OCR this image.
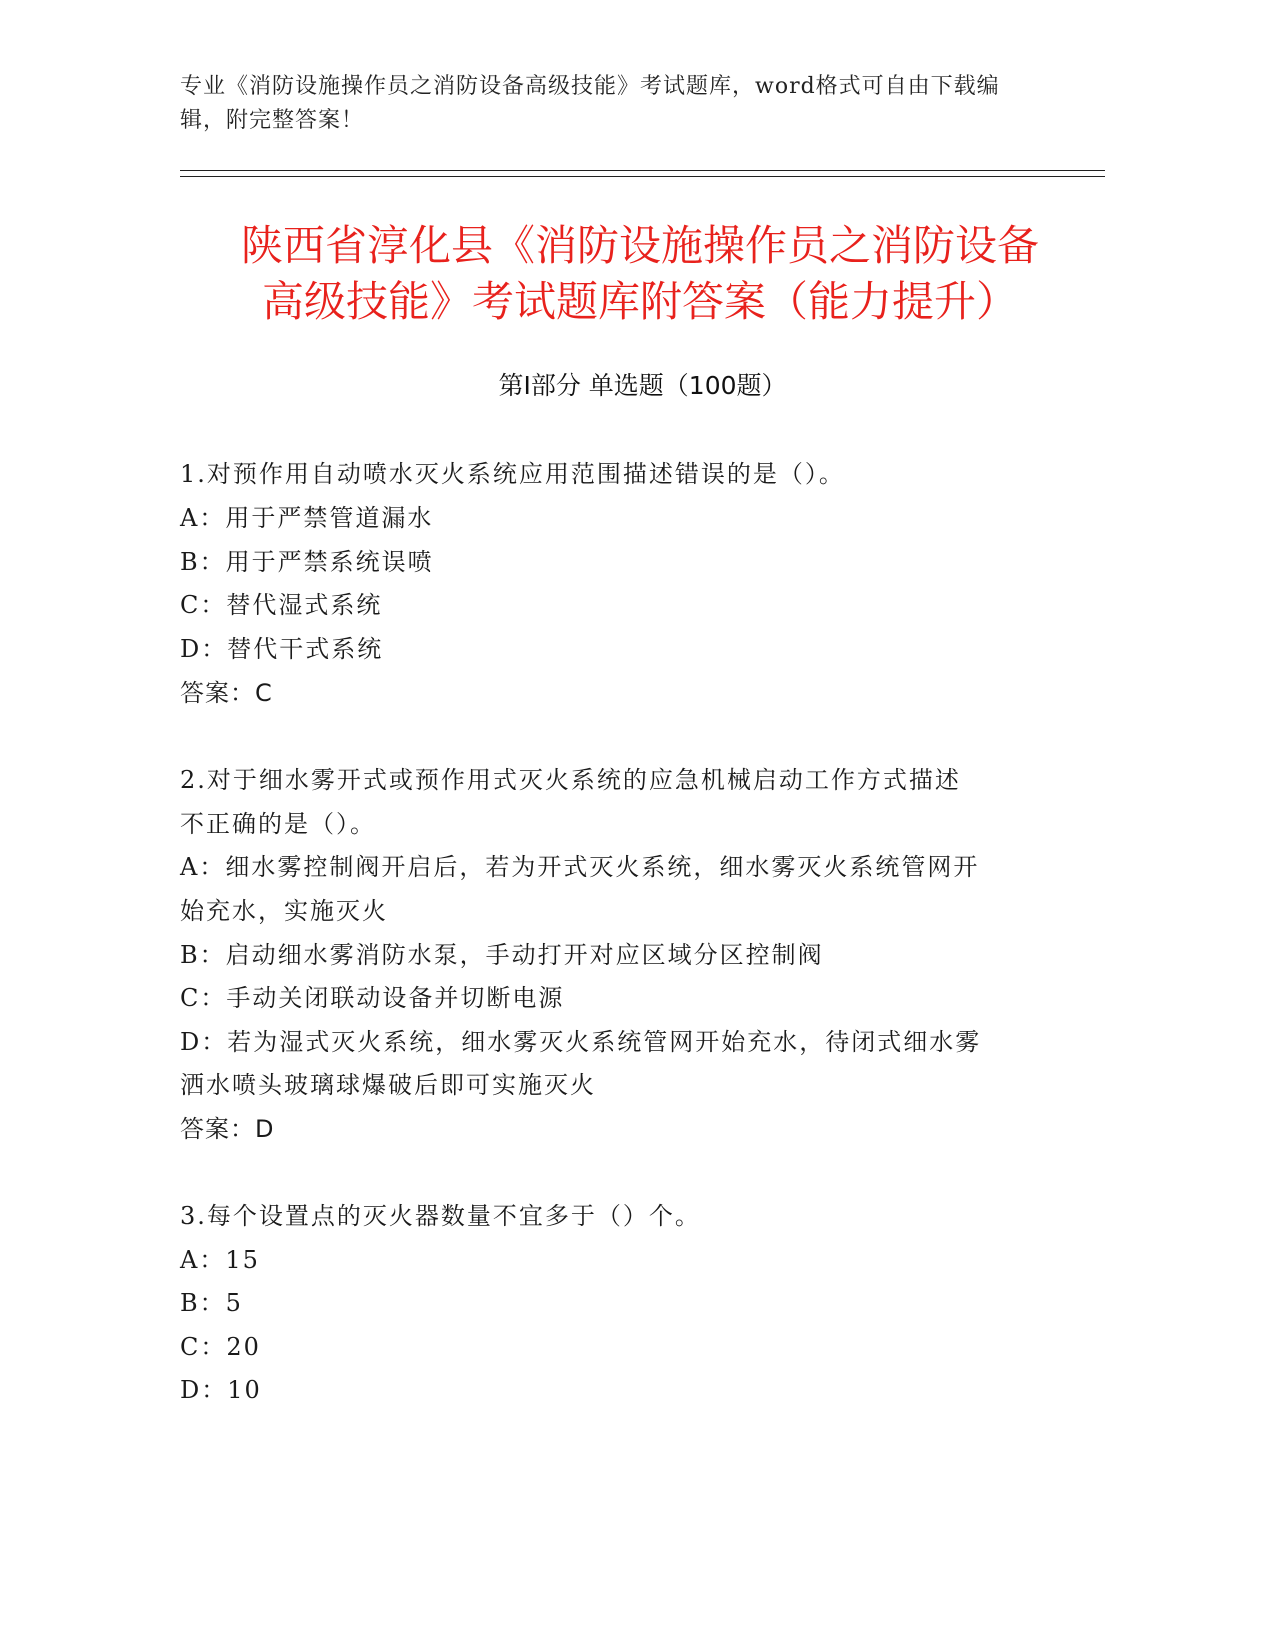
专业《消防设施操作员之消防设备高级技能》考试题库，word格式可自由下载编
辑，附完整答案！
陕西省淳化县《消防设施操作员之消防设备
高级技能》考试题库附答案（能力提升）
第Ⅰ部分 单选题（100题）
1.对预作用自动喷水灭火系统应用范围描述错误的是（）。
A：用于严禁管道漏水
B：用于严禁系统误喷
C：替代湿式系统
D：替代干式系统
答案：C
2.对于细水雾开式或预作用式灭火系统的应急机械启动工作方式描述
不正确的是（）。
A：细水雾控制阀开启后，若为开式灭火系统，细水雾灭火系统管网开
始充水，实施灭火
B：启动细水雾消防水泵，手动打开对应区域分区控制阀
C：手动关闭联动设备并切断电源
D：若为湿式灭火系统，细水雾灭火系统管网开始充水，待闭式细水雾
洒水喷头玻璃球爆破后即可实施灭火
答案：D
3.每个设置点的灭火器数量不宜多于（）个。
A：15
B：5
C：20
D：10
